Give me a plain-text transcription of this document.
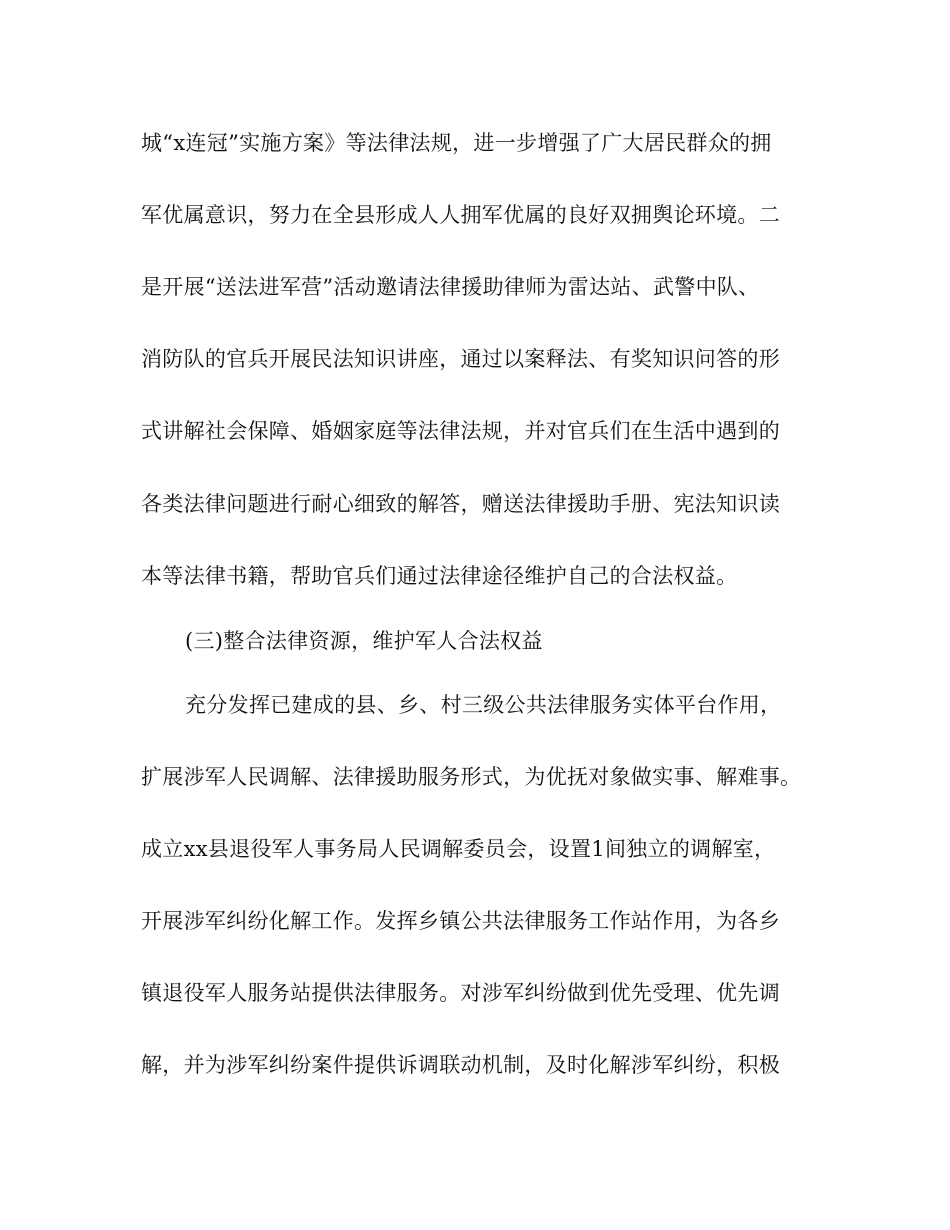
城“x连冠”实施方案》等法律法规，进一步增强了广大居民群众的拥
军优属意识，努力在全县形成人人拥军优属的良好双拥舆论环境。二
是开展“送法进军营”活动邀请法律援助律师为雷达站、武警中队、
消防队的官兵开展民法知识讲座，通过以案释法、有奖知识问答的形
式讲解社会保障、婚姻家庭等法律法规，并对官兵们在生活中遇到的
各类法律问题进行耐心细致的解答，赠送法律援助手册、宪法知识读
本等法律书籍，帮助官兵们通过法律途径维护自己的合法权益。
(三)整合法律资源，维护军人合法权益
充分发挥已建成的县、乡、村三级公共法律服务实体平台作用，
扩展涉军人民调解、法律援助服务形式，为优抚对象做实事、解难事。
成立xx县退役军人事务局人民调解委员会，设置1间独立的调解室，
开展涉军纠纷化解工作。发挥乡镇公共法律服务工作站作用，为各乡
镇退役军人服务站提供法律服务。对涉军纠纷做到优先受理、优先调
解，并为涉军纠纷案件提供诉调联动机制，及时化解涉军纠纷，积极
